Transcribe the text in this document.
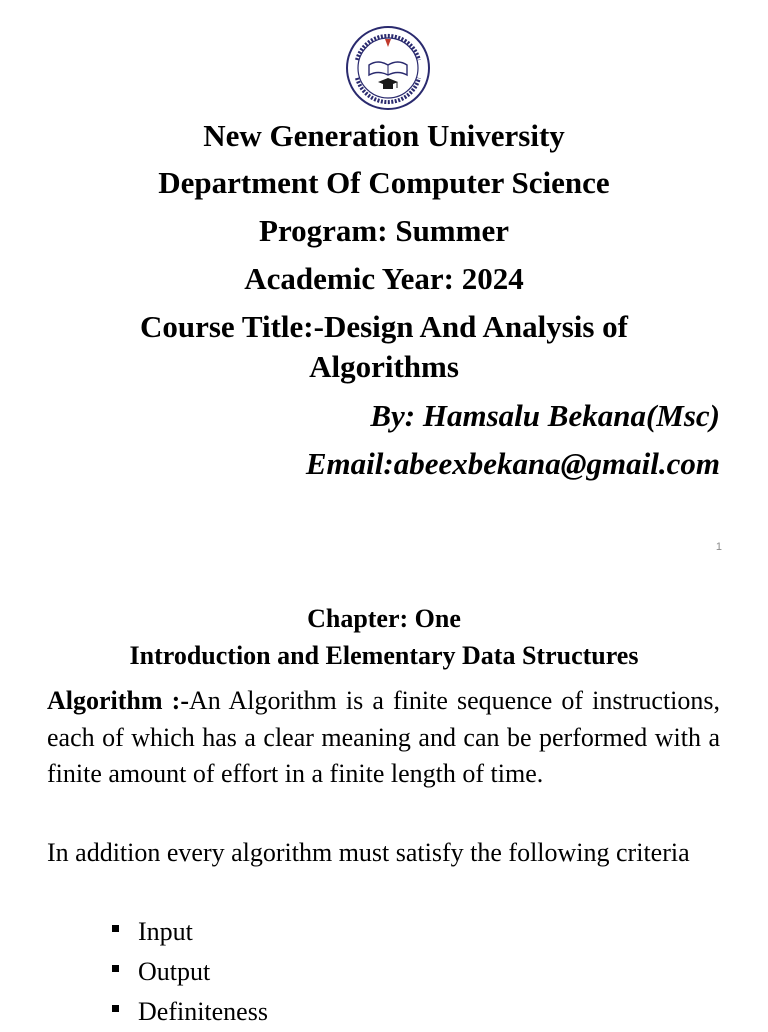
New Generation University
Department Of Computer Science
Program: Summer
Academic Year: 2024
Course Title:-Design And Analysis of
Algorithms
By: Hamsalu Bekana(Msc)
Email:abeexbekana@gmail.com
1
Chapter: One
Introduction and Elementary Data Structures
Algorithm :-An Algorithm is a finite sequence of instructions, each of which has a clear meaning and can be performed with a finite amount of effort in a finite length of time.
In addition every algorithm must satisfy the following criteria
Input
Output
Definiteness
